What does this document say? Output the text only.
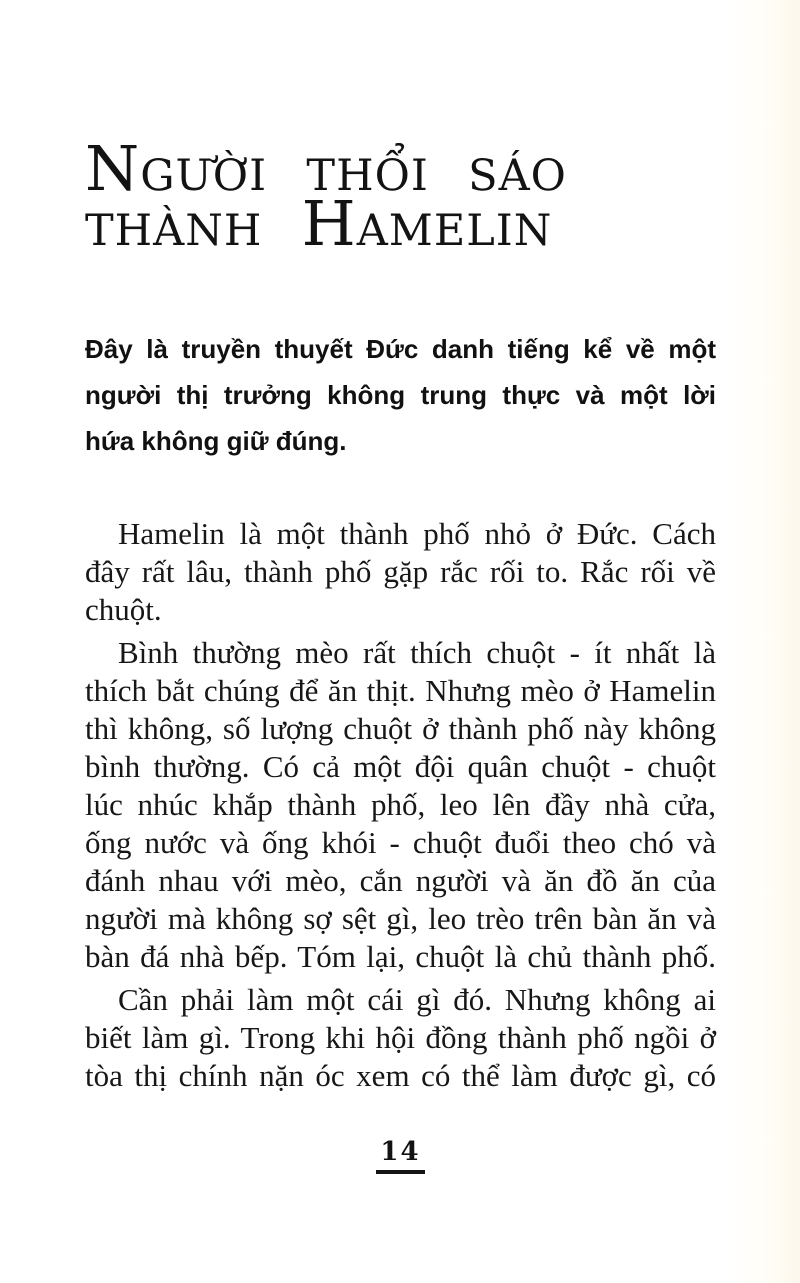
Người thổi sáo
thành Hamelin
Đây là truyền thuyết Đức danh tiếng kể về một
người thị trưởng không trung thực và một lời
hứa không giữ đúng.

Hamelin là một thành phố nhỏ ở Đức. Cách
đây rất lâu, thành phố gặp rắc rối to. Rắc rối về
chuột.

Bình thường mèo rất thích chuột - ít nhất là
thích bắt chúng để ăn thịt. Nhưng mèo ở Hamelin
thì không, số lượng chuột ở thành phố này không
bình thường. Có cả một đội quân chuột - chuột
lúc nhúc khắp thành phố, leo lên đầy nhà cửa,
ống nước và ống khói - chuột đuổi theo chó và
đánh nhau với mèo, cắn người và ăn đồ ăn của
người mà không sợ sệt gì, leo trèo trên bàn ăn và
bàn đá nhà bếp. Tóm lại, chuột là chủ thành phố.

Cần phải làm một cái gì đó. Nhưng không ai
biết làm gì. Trong khi hội đồng thành phố ngồi ở
tòa thị chính nặn óc xem có thể làm được gì, có

14
